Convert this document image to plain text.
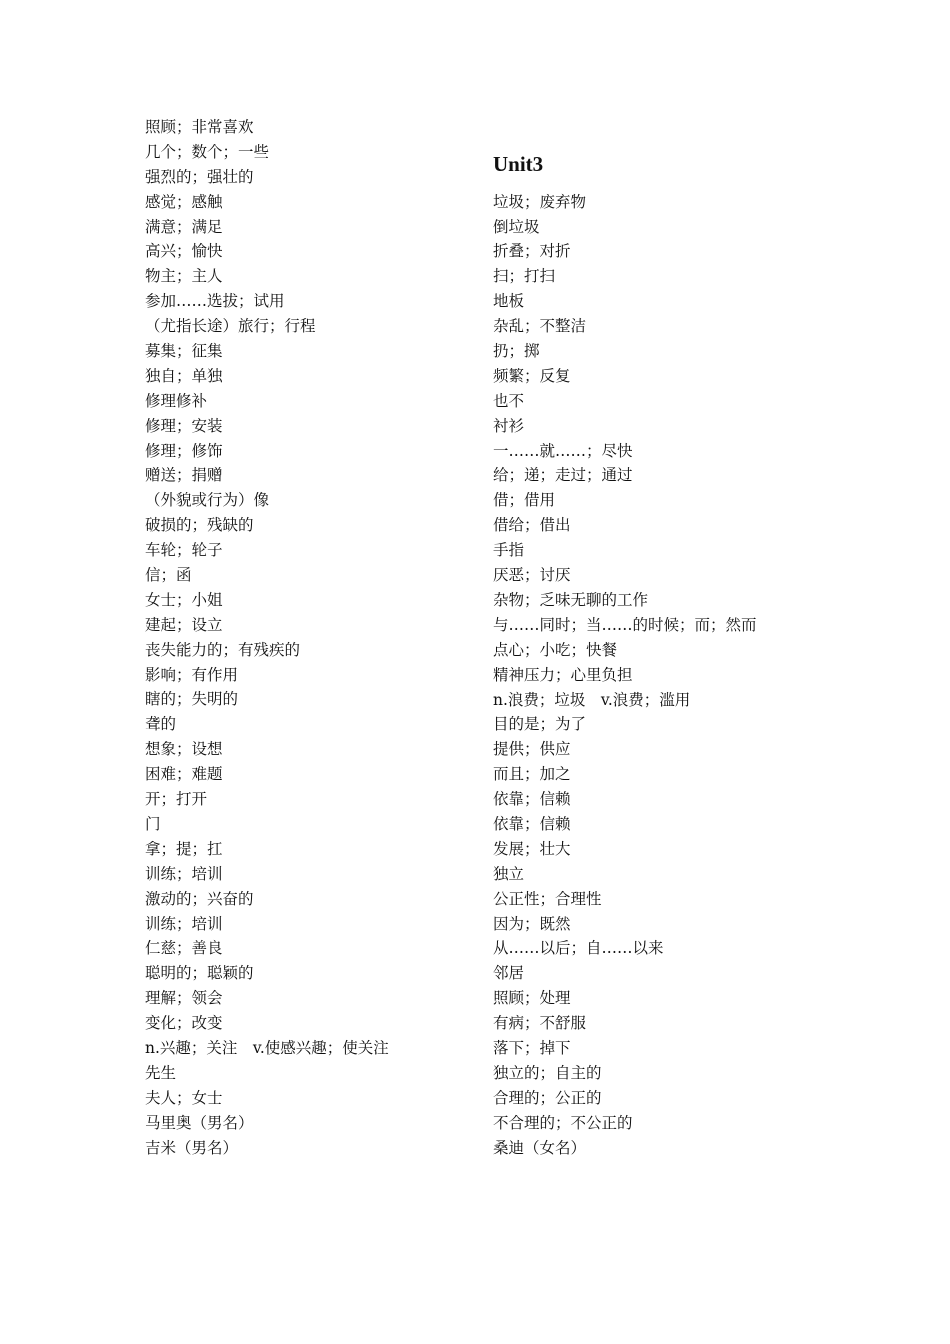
照顾；非常喜欢
几个；数个；一些
强烈的；强壮的
感觉；感触
满意；满足
高兴；愉快
物主；主人
参加……选拔；试用
（尤指长途）旅行；行程
募集；征集
独自；单独
修理修补
修理；安装
修理；修饰
赠送；捐赠
（外貌或行为）像
破损的；残缺的
车轮；轮子
信；函
女士；小姐
建起；设立
丧失能力的；有残疾的
影响；有作用
瞎的；失明的
聋的
想象；设想
困难；难题
开；打开
门
拿；提；扛
训练；培训
激动的；兴奋的
训练；培训
仁慈；善良
聪明的；聪颖的
理解；领会
变化；改变
n.兴趣；关注　v.使感兴趣；使关注
先生
夫人；女士
马里奥（男名）
吉米（男名）
Unit3
垃圾；废弃物
倒垃圾
折叠；对折
扫；打扫
地板
杂乱；不整洁
扔；掷
频繁；反复
也不
衬衫
一……就……；尽快
给；递；走过；通过
借；借用
借给；借出
手指
厌恶；讨厌
杂物；乏味无聊的工作
与……同时；当……的时候；而；然而
点心；小吃；快餐
精神压力；心里负担
n.浪费；垃圾　v.浪费；滥用
目的是；为了
提供；供应
而且；加之
依靠；信赖
依靠；信赖
发展；壮大
独立
公正性；合理性
因为；既然
从……以后；自……以来
邻居
照顾；处理
有病；不舒服
落下；掉下
独立的；自主的
合理的；公正的
不合理的；不公正的
桑迪（女名）
